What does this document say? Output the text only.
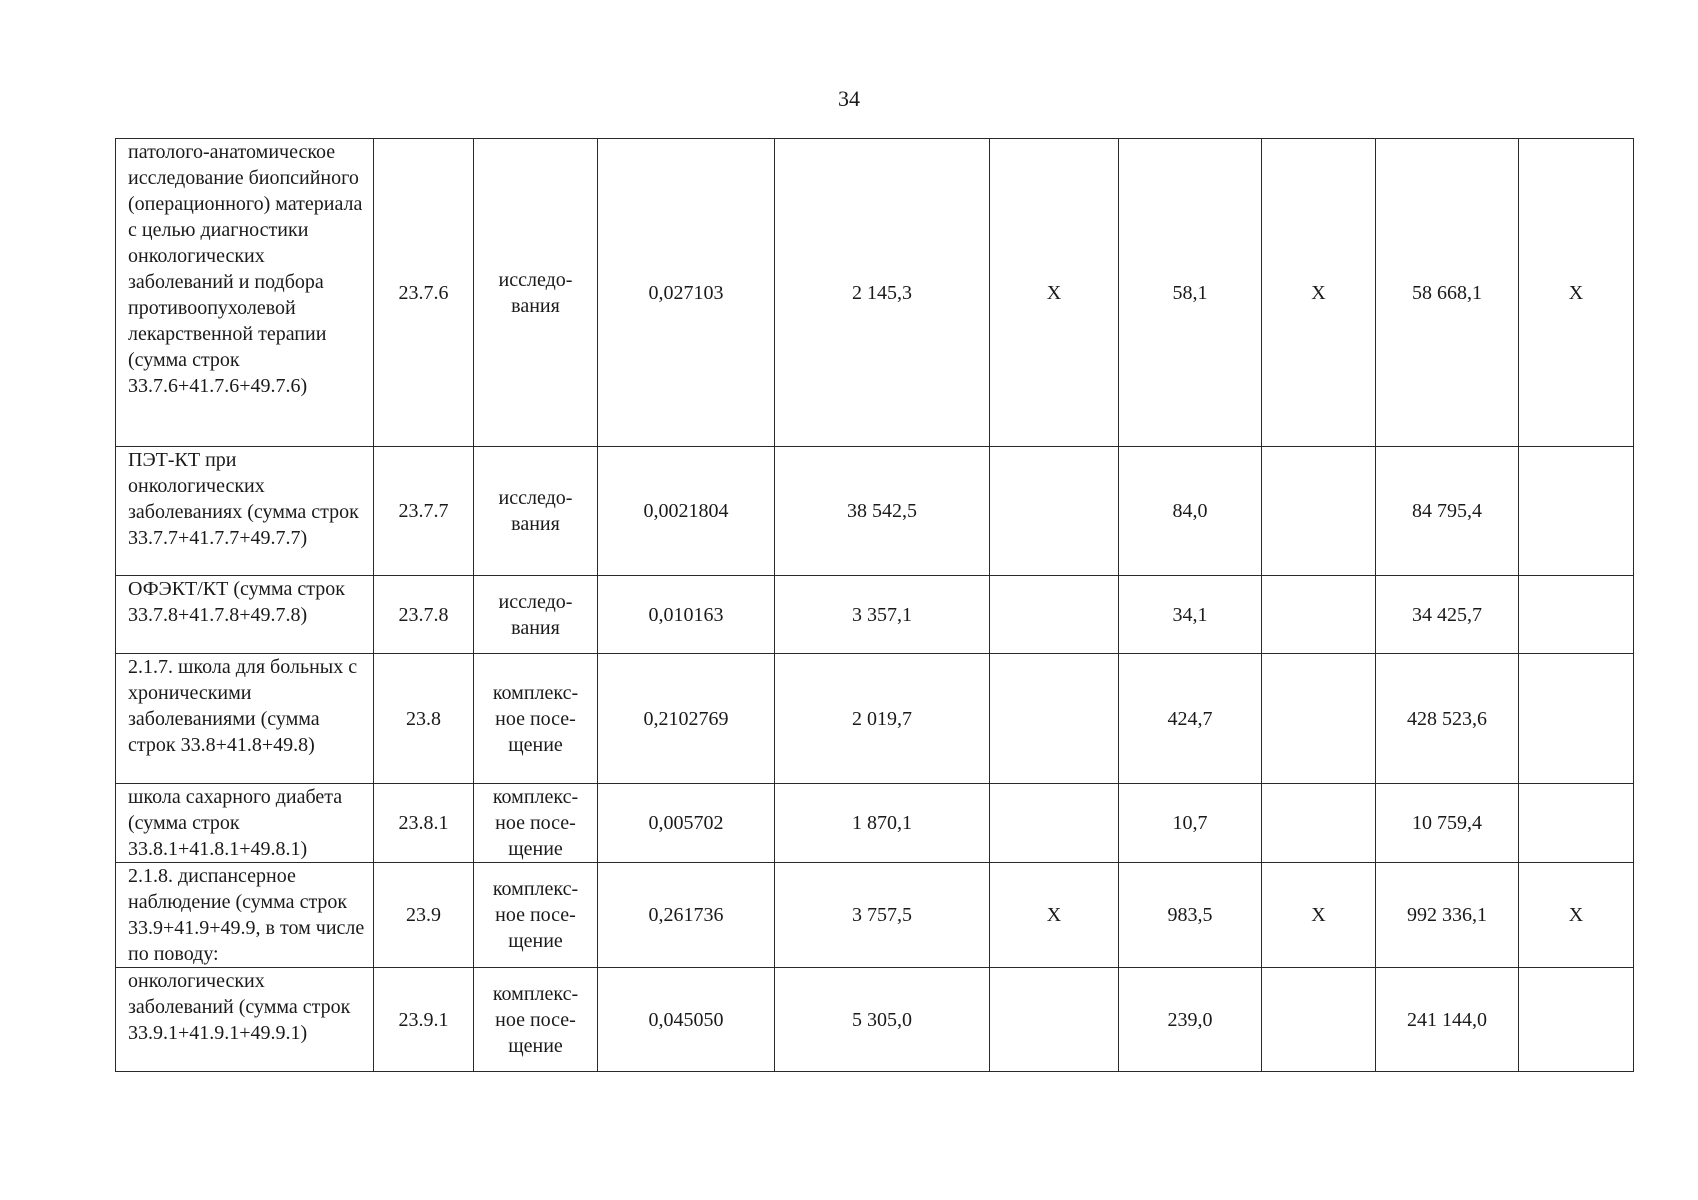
34
патолого-анатомическое исследование биопсийного (операционного) материала с целью диагностики онкологических заболеваний и подбора противоопухолевой лекарственной терапии (сумма строк 33.7.6+41.7.6+49.7.6)	23.7.6	исследо-
вания	0,027103	2 145,3	X	58,1	X	58 668,1	X
ПЭТ-КТ при онкологических заболеваниях (сумма строк 33.7.7+41.7.7+49.7.7)	23.7.7	исследо-
вания	0,0021804	38 542,5		84,0		84 795,4	
ОФЭКТ/КТ (сумма строк 33.7.8+41.7.8+49.7.8)	23.7.8	исследо-
вания	0,010163	3 357,1		34,1		34 425,7	
2.1.7. школа для больных с хроническими заболеваниями (сумма строк 33.8+41.8+49.8)	23.8	комплекс-
ное посе-
щение	0,2102769	2 019,7		424,7		428 523,6	
школа сахарного диабета (сумма строк 33.8.1+41.8.1+49.8.1)	23.8.1	комплекс-
ное посе-
щение	0,005702	1 870,1		10,7		10 759,4	
2.1.8. диспансерное наблюдение (сумма строк 33.9+41.9+49.9, в том числе по поводу:	23.9	комплекс-
ное посе-
щение	0,261736	3 757,5	X	983,5	X	992 336,1	X
онкологических заболеваний (сумма строк 33.9.1+41.9.1+49.9.1)	23.9.1	комплекс-
ное посе-
щение	0,045050	5 305,0		239,0		241 144,0	
